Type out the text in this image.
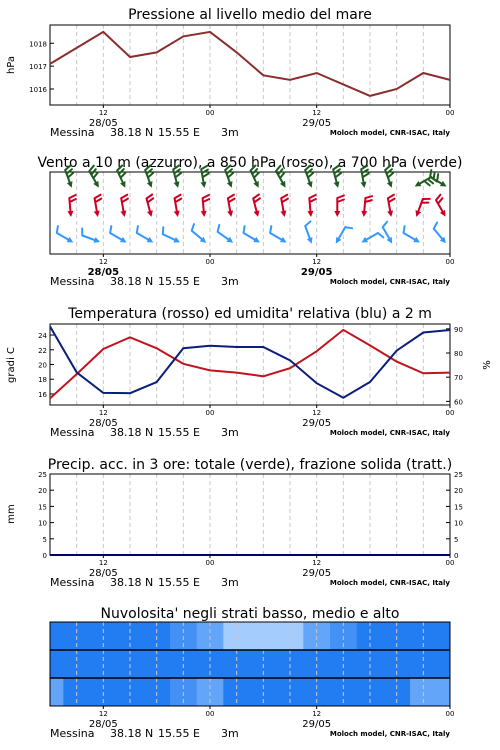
Pressione al livello medio del mare
1016
1017
1018
hPa
12	00	12	00
28/05	29/05
Messina 38.18 N 15.55 E 3m	Moloch model, CNR-ISAC, Italy
Vento a 10 m (azzurro), a 850 hPa (rosso), a 700 hPa (verde)
12	00	12	00
28/05	29/05
Messina 38.18 N 15.55 E 3m	Moloch model, CNR-ISAC, Italy
Temperatura (rosso) ed umidita' relativa (blu) a 2 m
16
18
20
22
24
60
70
80
90
gradi C	%
12	00	12	00
28/05	29/05
Messina 38.18 N 15.55 E 3m	Moloch model, CNR-ISAC, Italy
Precip. acc. in 3 ore: totale (verde), frazione solida (tratt.)
0
5
10
15
20
25
0
5
10
15
20
25
mm
12	00	12	00
28/05	29/05
Messina 38.18 N 15.55 E 3m	Moloch model, CNR-ISAC, Italy
Nuvolosita' negli strati basso, medio e alto
12	00	12	00
28/05	29/05
Messina 38.18 N 15.55 E 3m	Moloch model, CNR-ISAC, Italy
